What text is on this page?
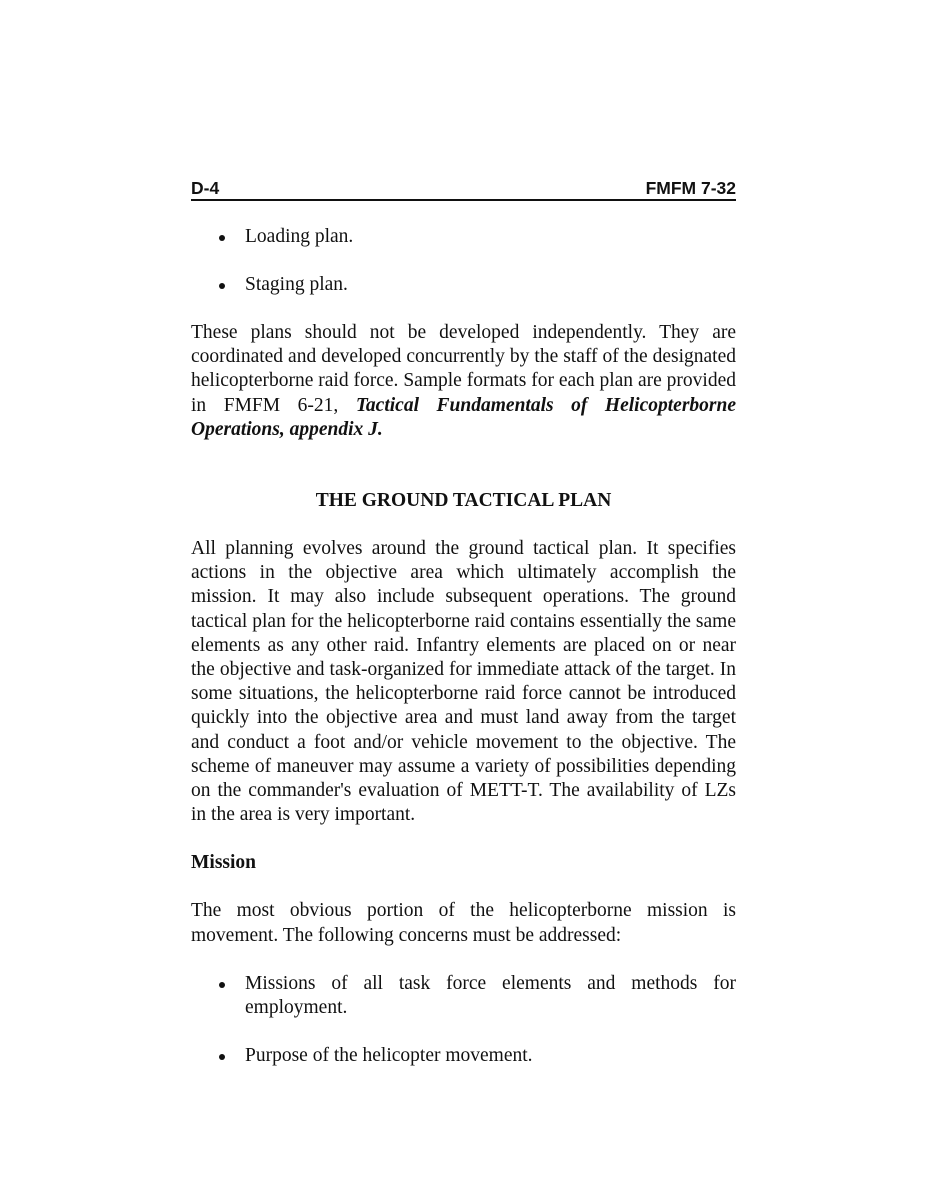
D-4	FMFM 7-32
Loading plan.
Staging plan.

These plans should not be developed independently. They are coordinated and developed concurrently by the staff of the designated helicopterborne raid force. Sample formats for each plan are provided in FMFM 6-21, Tactical Fundamentals of Helicopterborne Operations, appendix J.

THE GROUND TACTICAL PLAN

All planning evolves around the ground tactical plan. It specifies actions in the objective area which ultimately accomplish the mission. It may also include subsequent operations. The ground tactical plan for the helicopterborne raid contains essentially the same elements as any other raid. Infantry elements are placed on or near the objective and task-organized for immediate attack of the target. In some situations, the helicopterborne raid force cannot be introduced quickly into the objective area and must land away from the target and conduct a foot and/or vehicle movement to the objective. The scheme of maneuver may assume a variety of possibilities depending on the commander's evaluation of METT-T. The availability of LZs in the area is very important.

Mission

The most obvious portion of the helicopterborne mission is movement. The following concerns must be addressed:

Missions of all task force elements and methods for employment.
Purpose of the helicopter movement.
